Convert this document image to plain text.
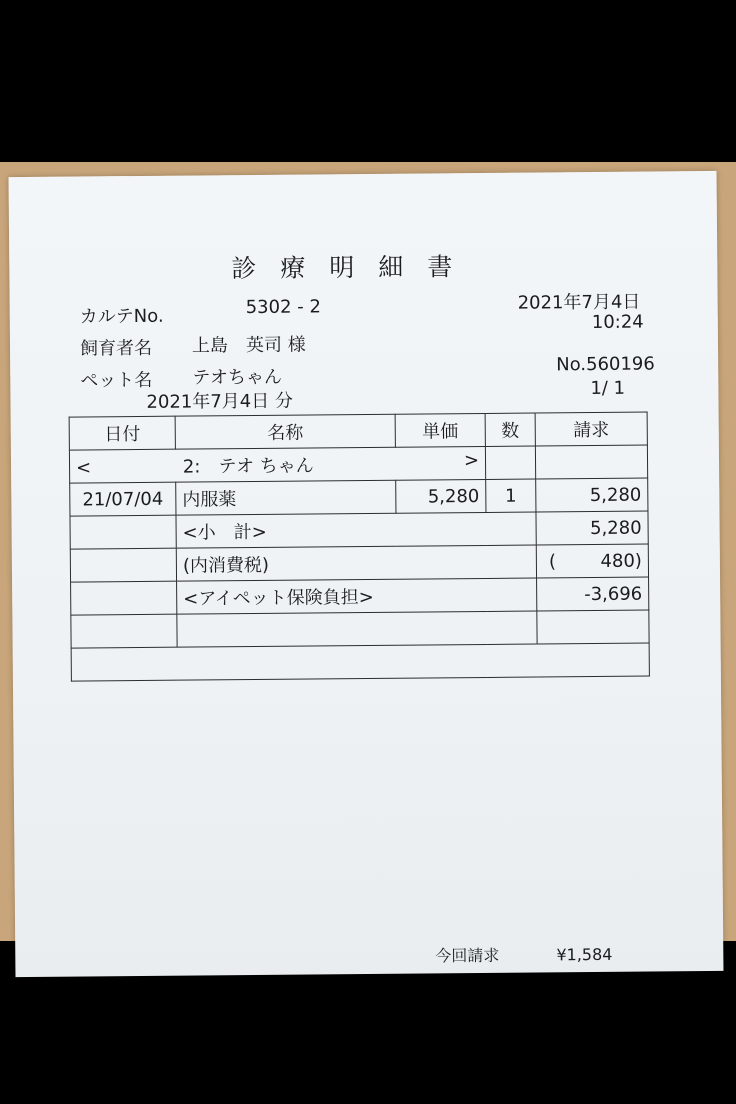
診療明細書
カルテNo.	5302 - 2	2021年7月4日
10:24
飼育者名 上島　英司 様
ペット名 テオちゃん
No.560196
2021年7月4日 分
1/ 1
日付	名称	単価	数	請求
< 2:　テオ ちゃん >				

21/07/04	内服薬	5,280	1	5,280
	<小　計>			5,280
	(内消費税)			( 480)
	<アイペット保険負担>			-3,696

今回請求	¥1,584
